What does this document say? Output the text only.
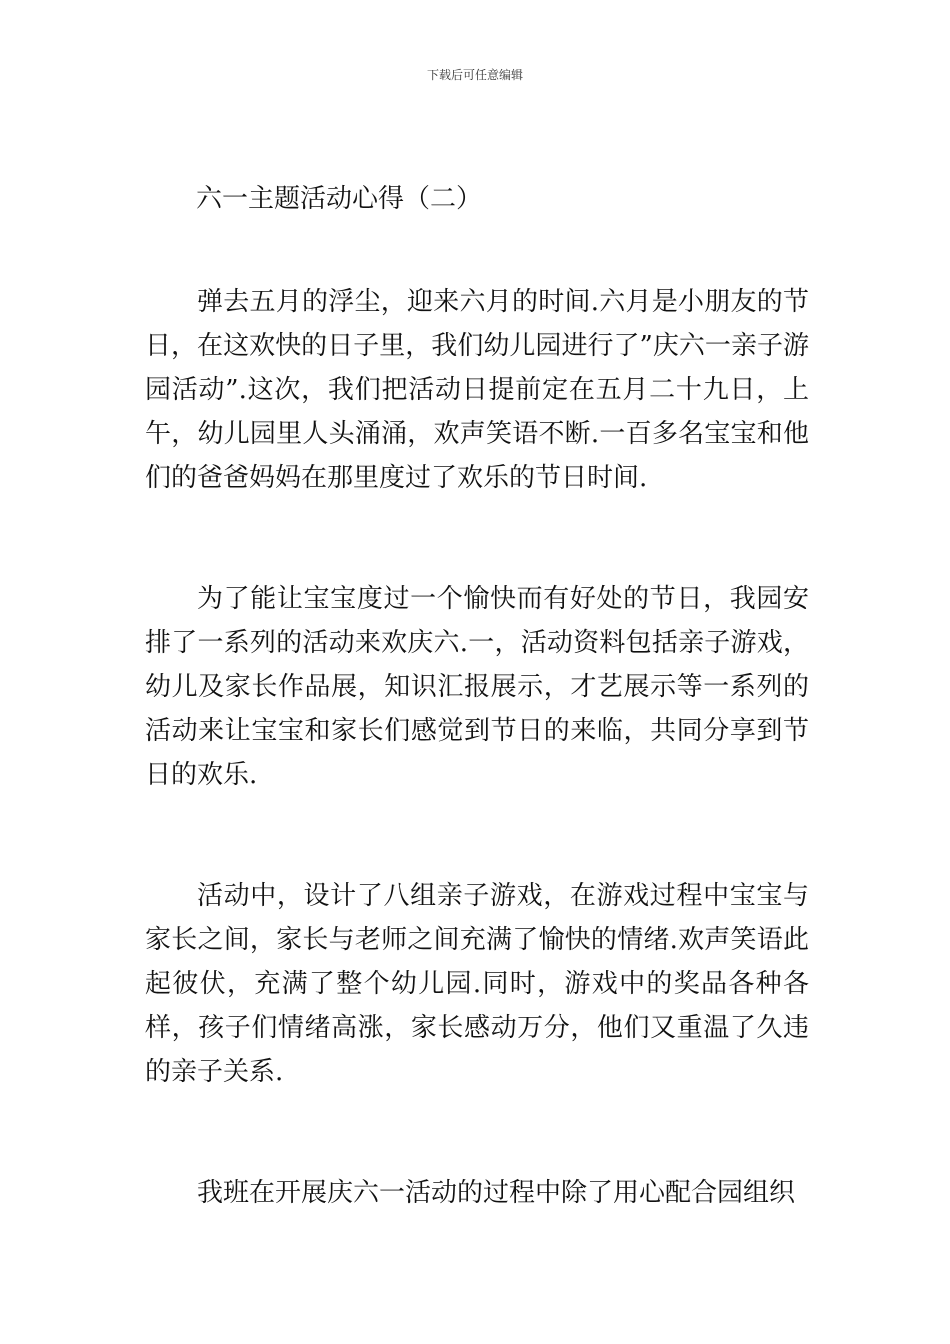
下载后可任意编辑
六一主题活动心得（二）

弹去五月的浮尘，迎来六月的时间.六月是小朋友的节日，在这欢快的日子里，我们幼儿园进行了”庆六一亲子游园活动”.这次，我们把活动日提前定在五月二十九日，上午，幼儿园里人头涌涌，欢声笑语不断.一百多名宝宝和他们的爸爸妈妈在那里度过了欢乐的节日时间.

为了能让宝宝度过一个愉快而有好处的节日，我园安排了一系列的活动来欢庆六.一，活动资料包括亲子游戏，幼儿及家长作品展，知识汇报展示，才艺展示等一系列的活动来让宝宝和家长们感觉到节日的来临，共同分享到节日的欢乐.

活动中，设计了八组亲子游戏，在游戏过程中宝宝与家长之间，家长与老师之间充满了愉快的情绪.欢声笑语此起彼伏，充满了整个幼儿园.同时，游戏中的奖品各种各样，孩子们情绪高涨，家长感动万分，他们又重温了久违的亲子关系.

我班在开展庆六一活动的过程中除了用心配合园组织
